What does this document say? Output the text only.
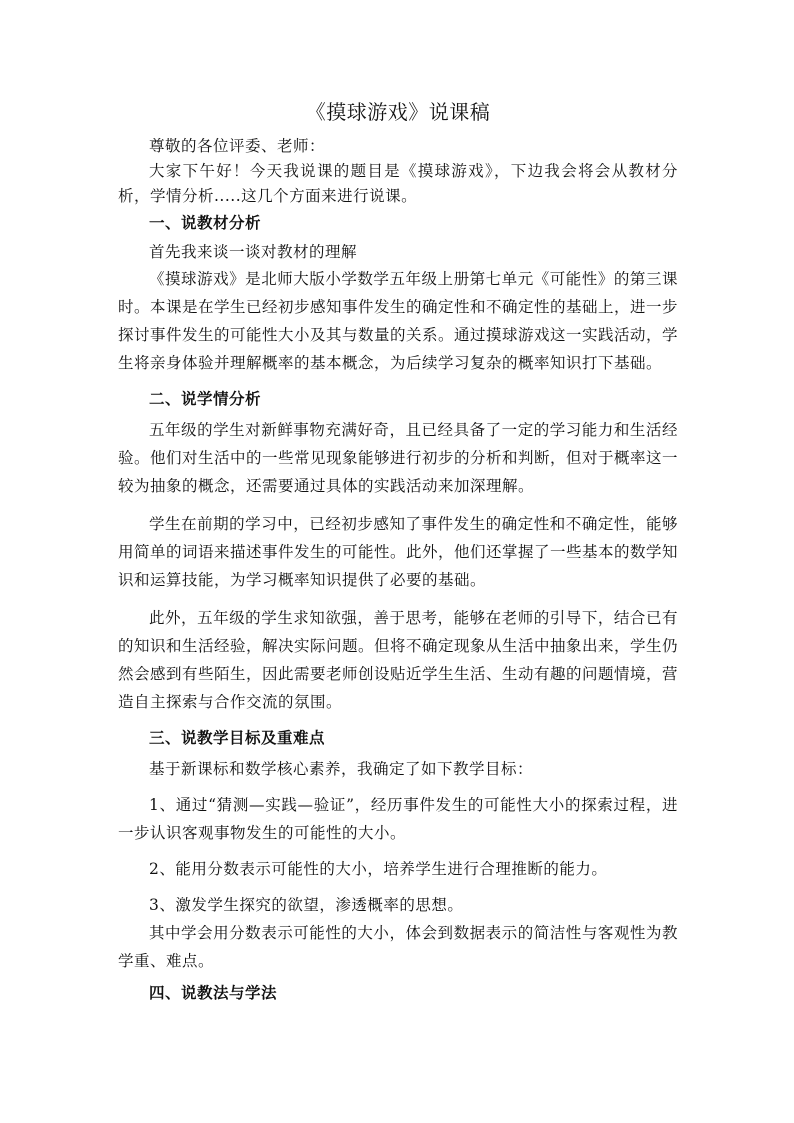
《摸球游戏》说课稿

尊敬的各位评委、老师：

大家下午好！今天我说课的题目是《摸球游戏》，下边我会将会从教材分析，学情分析.....这几个方面来进行说课。

一、说教材分析

首先我来谈一谈对教材的理解

《摸球游戏》是北师大版小学数学五年级上册第七单元《可能性》的第三课时。本课是在学生已经初步感知事件发生的确定性和不确定性的基础上，进一步探讨事件发生的可能性大小及其与数量的关系。通过摸球游戏这一实践活动，学生将亲身体验并理解概率的基本概念，为后续学习复杂的概率知识打下基础。

二、说学情分析

五年级的学生对新鲜事物充满好奇，且已经具备了一定的学习能力和生活经验。他们对生活中的一些常见现象能够进行初步的分析和判断，但对于概率这一较为抽象的概念，还需要通过具体的实践活动来加深理解。

学生在前期的学习中，已经初步感知了事件发生的确定性和不确定性，能够用简单的词语来描述事件发生的可能性。此外，他们还掌握了一些基本的数学知识和运算技能，为学习概率知识提供了必要的基础。

此外，五年级的学生求知欲强，善于思考，能够在老师的引导下，结合已有的知识和生活经验，解决实际问题。但将不确定现象从生活中抽象出来，学生仍然会感到有些陌生，因此需要老师创设贴近学生生活、生动有趣的问题情境，营造自主探索与合作交流的氛围。

三、说教学目标及重难点

基于新课标和数学核心素养，我确定了如下教学目标：

1、通过“猜测—实践—验证”，经历事件发生的可能性大小的探索过程，进一步认识客观事物发生的可能性的大小。

2、能用分数表示可能性的大小，培养学生进行合理推断的能力。

3、激发学生探究的欲望，渗透概率的思想。

其中学会用分数表示可能性的大小，体会到数据表示的简洁性与客观性为教学重、难点。

四、说教法与学法
